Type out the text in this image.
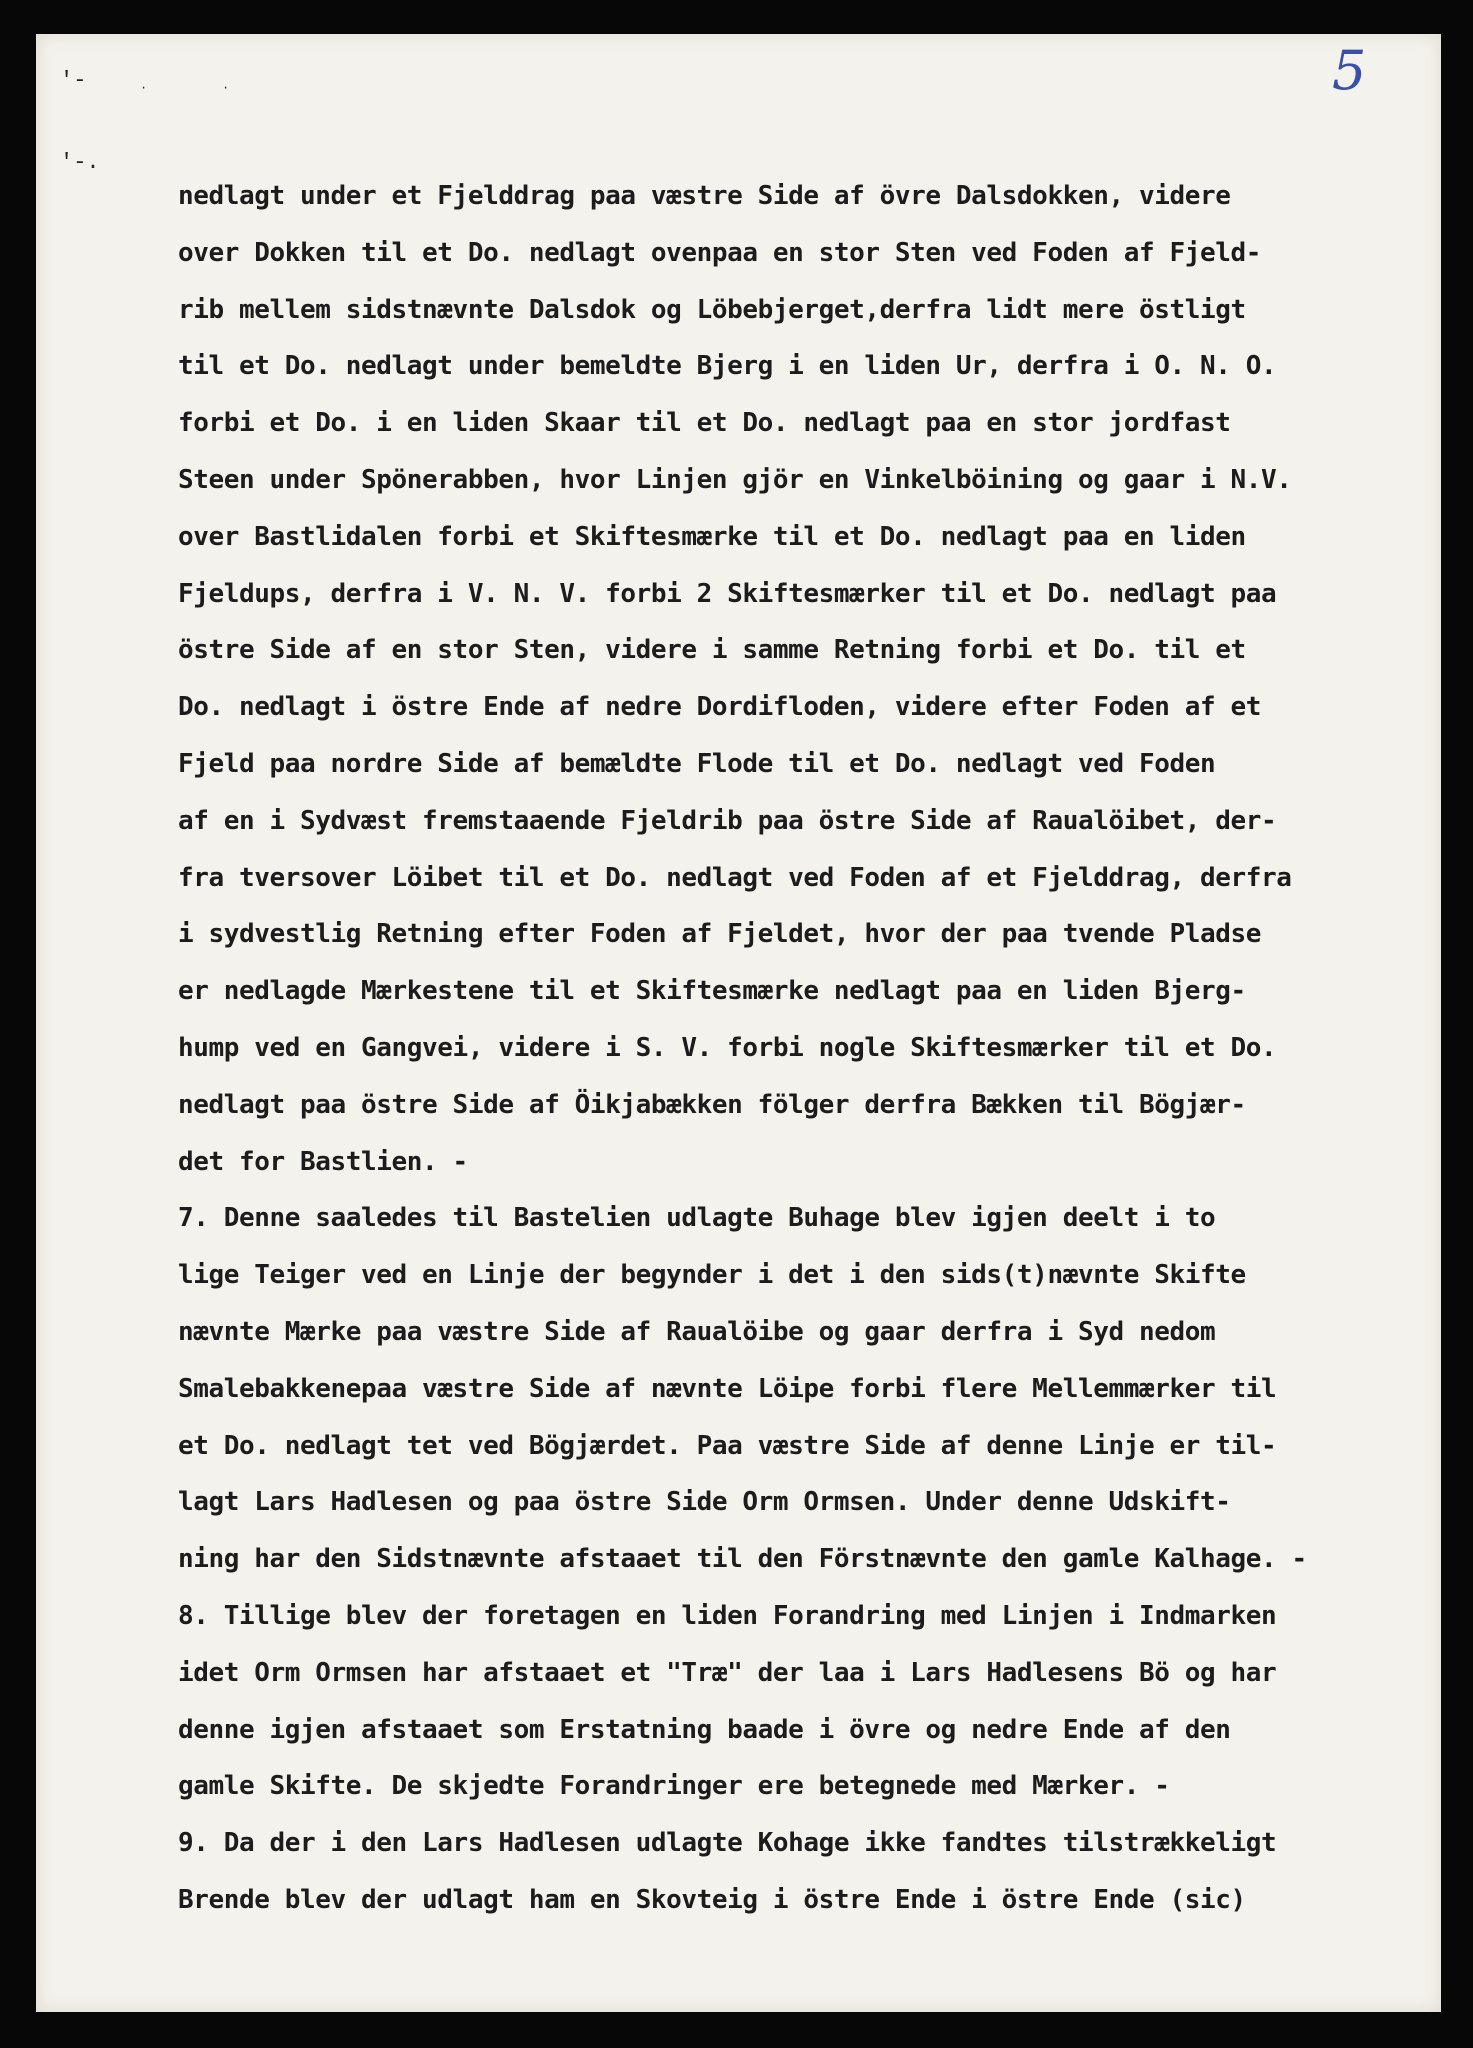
5
'‐	·	·
'‐.
nedlagt under et Fjelddrag paa væstre Side af övre Dalsdokken, videre
over Dokken til et Do. nedlagt ovenpaa en stor Sten ved Foden af Fjeld-
rib mellem sidstnævnte Dalsdok og Löbebjerget,derfra lidt mere östligt
til et Do. nedlagt under bemeldte Bjerg i en liden Ur, derfra i O. N. O.
forbi et Do. i en liden Skaar til et Do. nedlagt paa en stor jordfast
Steen under Spönerabben, hvor Linjen gjör en Vinkelböining og gaar i N.V.
over Bastlidalen forbi et Skiftesmærke til et Do. nedlagt paa en liden
Fjeldups, derfra i V. N. V. forbi 2 Skiftesmærker til et Do. nedlagt paa
östre Side af en stor Sten, videre i samme Retning forbi et Do. til et
Do. nedlagt i östre Ende af nedre Dordifloden, videre efter Foden af et
Fjeld paa nordre Side af bemældte Flode til et Do. nedlagt ved Foden
af en i Sydvæst fremstaaende Fjeldrib paa östre Side af Raualöibet, der-
fra tversover Löibet til et Do. nedlagt ved Foden af et Fjelddrag, derfra
i sydvestlig Retning efter Foden af Fjeldet, hvor der paa tvende Pladse
er nedlagde Mærkestene til et Skiftesmærke nedlagt paa en liden Bjerg-
hump ved en Gangvei, videre i S. V. forbi nogle Skiftesmærker til et Do.
nedlagt paa östre Side af Öikjabækken fölger derfra Bækken til Bögjær-
det for Bastlien. -
7. Denne saaledes til Bastelien udlagte Buhage blev igjen deelt i to
lige Teiger ved en Linje der begynder i det i den sids(t)nævnte Skifte
nævnte Mærke paa væstre Side af Raualöibe og gaar derfra i Syd nedom
Smalebakkenepaa væstre Side af nævnte Löipe forbi flere Mellemmærker til
et Do. nedlagt tet ved Bögjærdet. Paa væstre Side af denne Linje er til-
lagt Lars Hadlesen og paa östre Side Orm Ormsen. Under denne Udskift-
ning har den Sidstnævnte afstaaet til den Förstnævnte den gamle Kalhage. -
8. Tillige blev der foretagen en liden Forandring med Linjen i Indmarken
idet Orm Ormsen har afstaaet et "Træ" der laa i Lars Hadlesens Bö og har
denne igjen afstaaet som Erstatning baade i övre og nedre Ende af den
gamle Skifte. De skjedte Forandringer ere betegnede med Mærker. -
9. Da der i den Lars Hadlesen udlagte Kohage ikke fandtes tilstrækkeligt
Brende blev der udlagt ham en Skovteig i östre Ende i östre Ende (sic)
